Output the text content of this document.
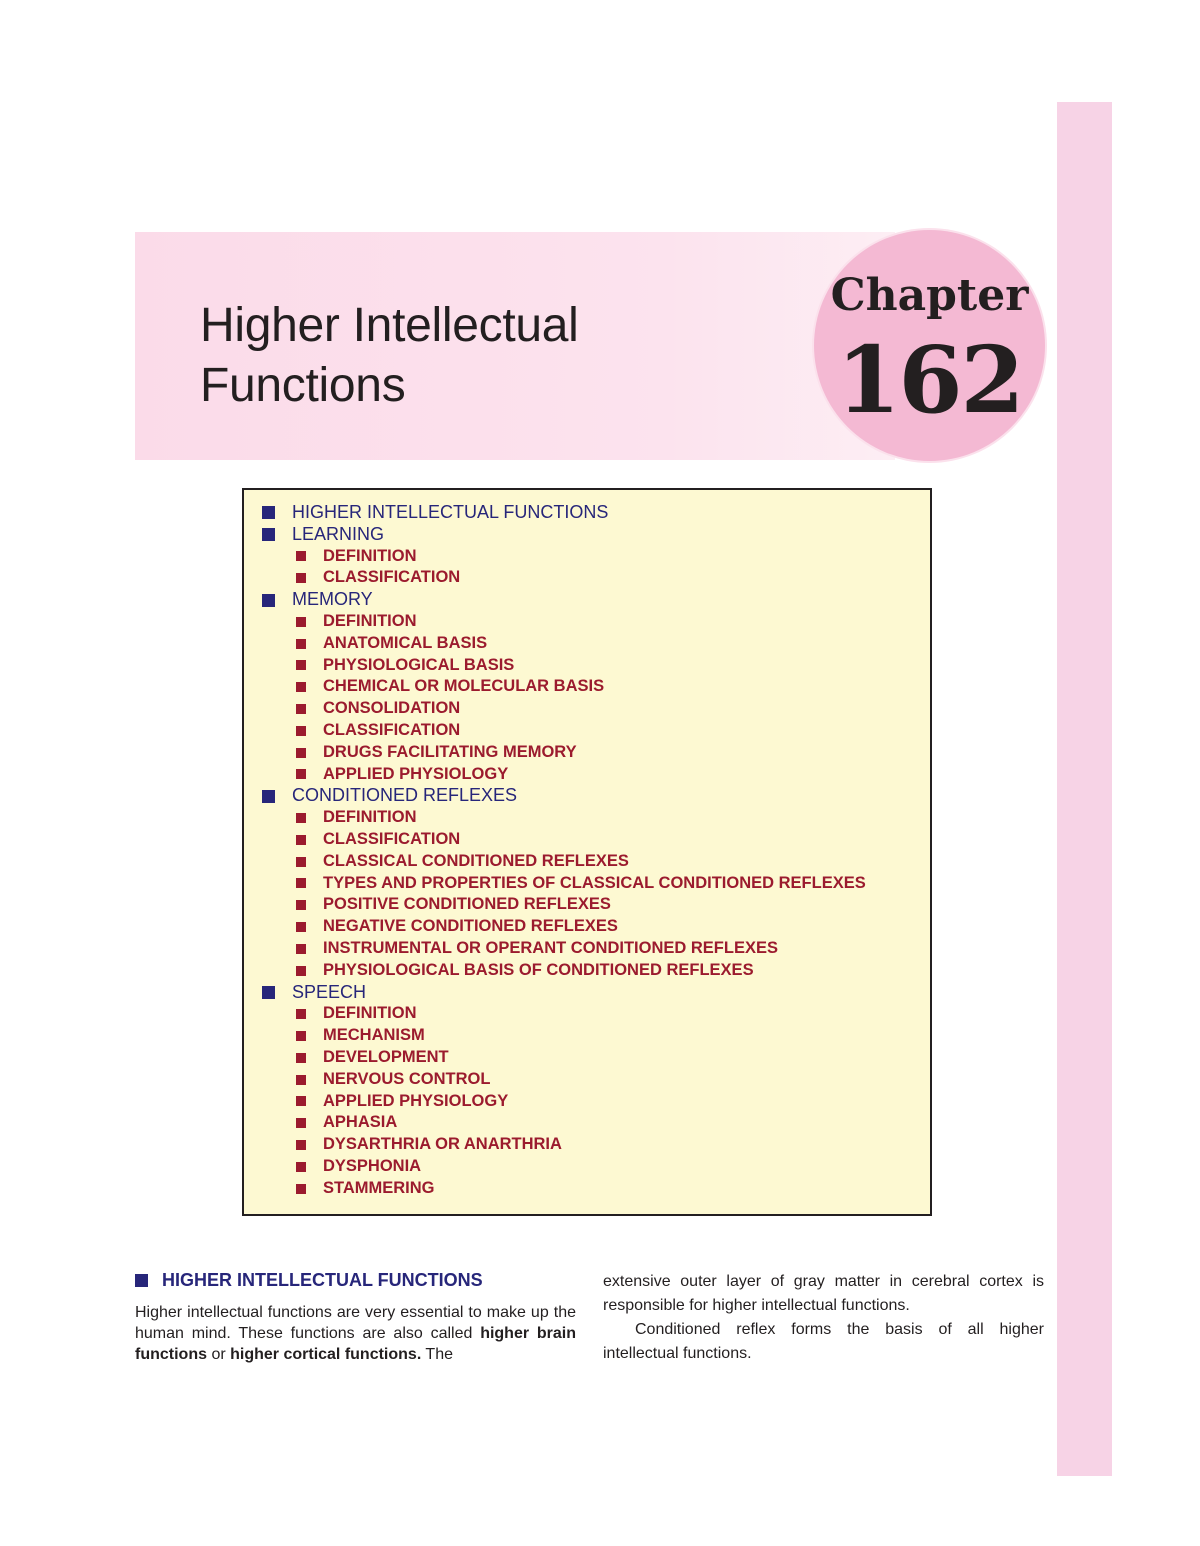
Higher Intellectual
Functions
Chapter
162
HIGHER INTELLECTUAL FUNCTIONS
LEARNING
DEFINITION
CLASSIFICATION
MEMORY
DEFINITION
ANATOMICAL BASIS
PHYSIOLOGICAL BASIS
CHEMICAL OR MOLECULAR BASIS
CONSOLIDATION
CLASSIFICATION
DRUGS FACILITATING MEMORY
APPLIED PHYSIOLOGY
CONDITIONED REFLEXES
DEFINITION
CLASSIFICATION
CLASSICAL CONDITIONED REFLEXES
TYPES AND PROPERTIES OF CLASSICAL CONDITIONED REFLEXES
POSITIVE CONDITIONED REFLEXES
NEGATIVE CONDITIONED REFLEXES
INSTRUMENTAL OR OPERANT CONDITIONED REFLEXES
PHYSIOLOGICAL BASIS OF CONDITIONED REFLEXES
SPEECH
DEFINITION
MECHANISM
DEVELOPMENT
NERVOUS CONTROL
APPLIED PHYSIOLOGY
APHASIA
DYSARTHRIA OR ANARTHRIA
DYSPHONIA
STAMMERING
HIGHER INTELLECTUAL FUNCTIONS

Higher intellectual functions are very essential to make up the human mind. These functions are also called higher brain functions or higher cortical functions. The

extensive outer layer of gray matter in cerebral cortex is responsible for higher intellectual functions.

Conditioned reflex forms the basis of all higher intellectual functions.
